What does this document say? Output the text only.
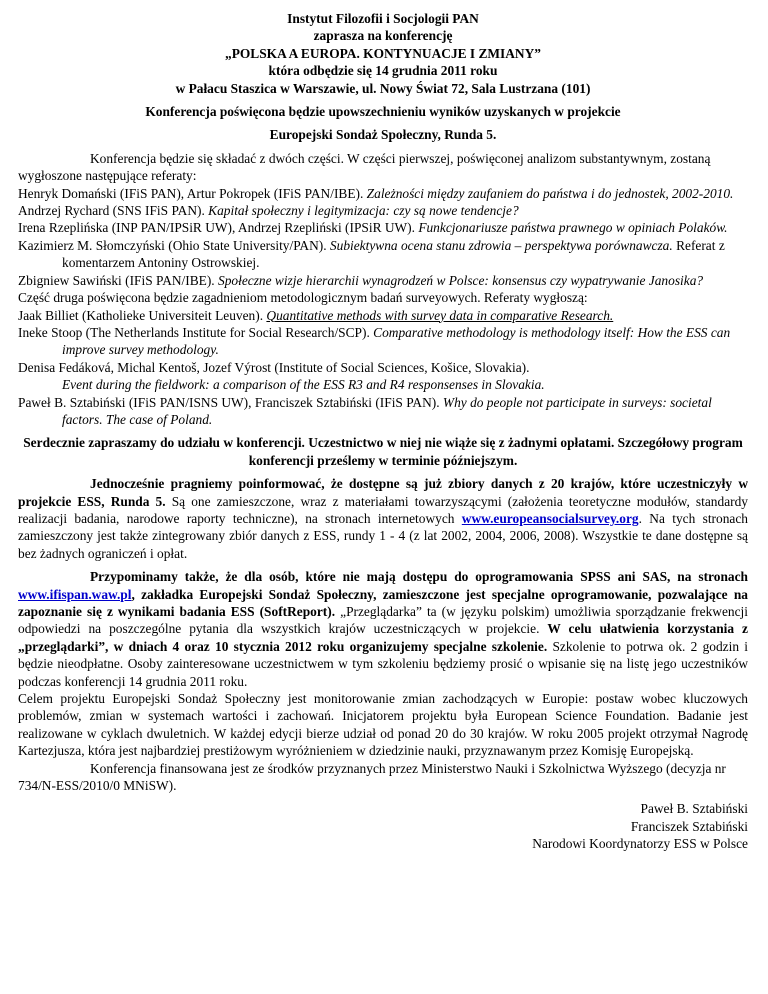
Instytut Filozofii i Socjologii PAN

zaprasza na konferencję

„POLSKA A EUROPA. KONTYNUACJE I ZMIANY”

która odbędzie się 14 grudnia 2011 roku

w Pałacu Staszica w Warszawie, ul. Nowy Świat 72, Sala Lustrzana (101)

Konferencja poświęcona będzie upowszechnieniu wyników uzyskanych w projekcie

Europejski Sondaż Społeczny, Runda 5.

Konferencja będzie się składać z dwóch części. W części pierwszej, poświęconej analizom substantywnym, zostaną wygłoszone następujące referaty:

Henryk Domański (IFiS PAN), Artur Pokropek (IFiS PAN/IBE). Zależności między zaufaniem do państwa i do jednostek, 2002-2010.

Andrzej Rychard (SNS IFiS PAN). Kapitał społeczny i legitymizacja: czy są nowe tendencje?

Irena Rzeplińska (INP PAN/IPSiR UW), Andrzej Rzepliński (IPSiR UW). Funkcjonariusze państwa prawnego w opiniach Polaków.

Kazimierz M. Słomczyński (Ohio State University/PAN). Subiektywna ocena stanu zdrowia – perspektywa porównawcza. Referat z komentarzem Antoniny Ostrowskiej.

Zbigniew Sawiński (IFiS PAN/IBE). Społeczne wizje hierarchii wynagrodzeń w Polsce: konsensus czy wypatrywanie Janosika?

Część druga poświęcona będzie zagadnieniom metodologicznym badań surveyowych. Referaty wygłoszą:

Jaak Billiet (Katholieke Universiteit Leuven). Quantitative methods with survey data in comparative Research.

Ineke Stoop (The Netherlands Institute for Social Research/SCP). Comparative methodology is methodology itself: How the ESS can improve survey methodology.

Denisa Fedáková, Michal Kentoš, Jozef Výrost (Institute of Social Sciences, Košice, Slovakia).
Event during the fieldwork: a comparison of the ESS R3 and R4 responsenses in Slovakia.

Paweł B. Sztabiński (IFiS PAN/ISNS UW), Franciszek Sztabiński (IFiS PAN). Why do people not participate in surveys: societal factors. The case of Poland.

Serdecznie zapraszamy do udziału w konferencji. Uczestnictwo w niej nie wiąże się z żadnymi opłatami. Szczegółowy program konferencji prześlemy w terminie późniejszym.

Jednocześnie pragniemy poinformować, że dostępne są już zbiory danych z 20 krajów, które uczestniczyły w projekcie ESS, Runda 5. Są one zamieszczone, wraz z materiałami towarzyszącymi (założenia teoretyczne modułów, standardy realizacji badania, narodowe raporty techniczne), na stronach internetowych www.europeansocialsurvey.org. Na tych stronach zamieszczony jest także zintegrowany zbiór danych z ESS, rundy 1 - 4 (z lat 2002, 2004, 2006, 2008). Wszystkie te dane dostępne są bez żadnych ograniczeń i opłat.

Przypominamy także, że dla osób, które nie mają dostępu do oprogramowania SPSS ani SAS, na stronach www.ifispan.waw.pl, zakładka Europejski Sondaż Społeczny, zamieszczone jest specjalne oprogramowanie, pozwalające na zapoznanie się z wynikami badania ESS (SoftReport). „Przeglądarka” ta (w języku polskim) umożliwia sporządzanie frekwencji odpowiedzi na poszczególne pytania dla wszystkich krajów uczestniczących w projekcie. W celu ułatwienia korzystania z „przeglądarki”, w dniach 4 oraz 10 stycznia 2012 roku organizujemy specjalne szkolenie. Szkolenie to potrwa ok. 2 godzin i będzie nieodpłatne. Osoby zainteresowane uczestnictwem w tym szkoleniu będziemy prosić o wpisanie się na listę jego uczestników podczas konferencji 14 grudnia 2011 roku.

Celem projektu Europejski Sondaż Społeczny jest monitorowanie zmian zachodzących w Europie: postaw wobec kluczowych problemów, zmian w systemach wartości i zachowań. Inicjatorem projektu była European Science Foundation. Badanie jest realizowane w cyklach dwuletnich. W każdej edycji bierze udział od ponad 20 do 30 krajów. W roku 2005 projekt otrzymał Nagrodę Kartezjusza, która jest najbardziej prestiżowym wyróżnieniem w dziedzinie nauki, przyznawanym przez Komisję Europejską.

Konferencja finansowana jest ze środków przyznanych przez Ministerstwo Nauki i Szkolnictwa Wyższego (decyzja nr 734/N-ESS/2010/0 MNiSW).

Paweł B. Sztabiński

Franciszek Sztabiński

Narodowi Koordynatorzy ESS w Polsce
